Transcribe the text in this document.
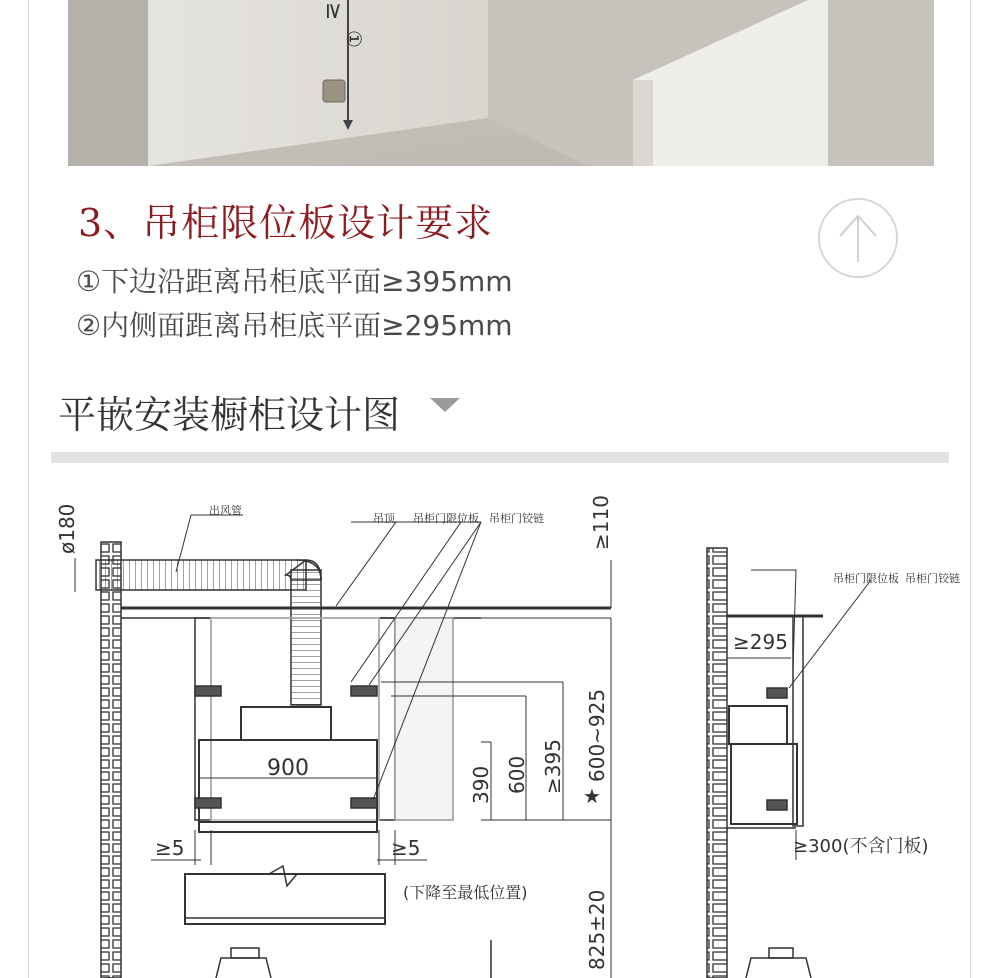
≥
①
3、吊柜限位板设计要求
①下边沿距离吊柜底平面≥395mm
②内侧面距离吊柜底平面≥295mm
平嵌安装橱柜设计图
出风管
吊顶 吊柜门限位板 吊柜门铰链
ø180	≥110
900
≥5	≥5
390 600 ≥395 600~925
★
(下降至最低位置)	825±20
吊柜门限位板 吊柜门铰链
≥295
≥300(不含门板)
